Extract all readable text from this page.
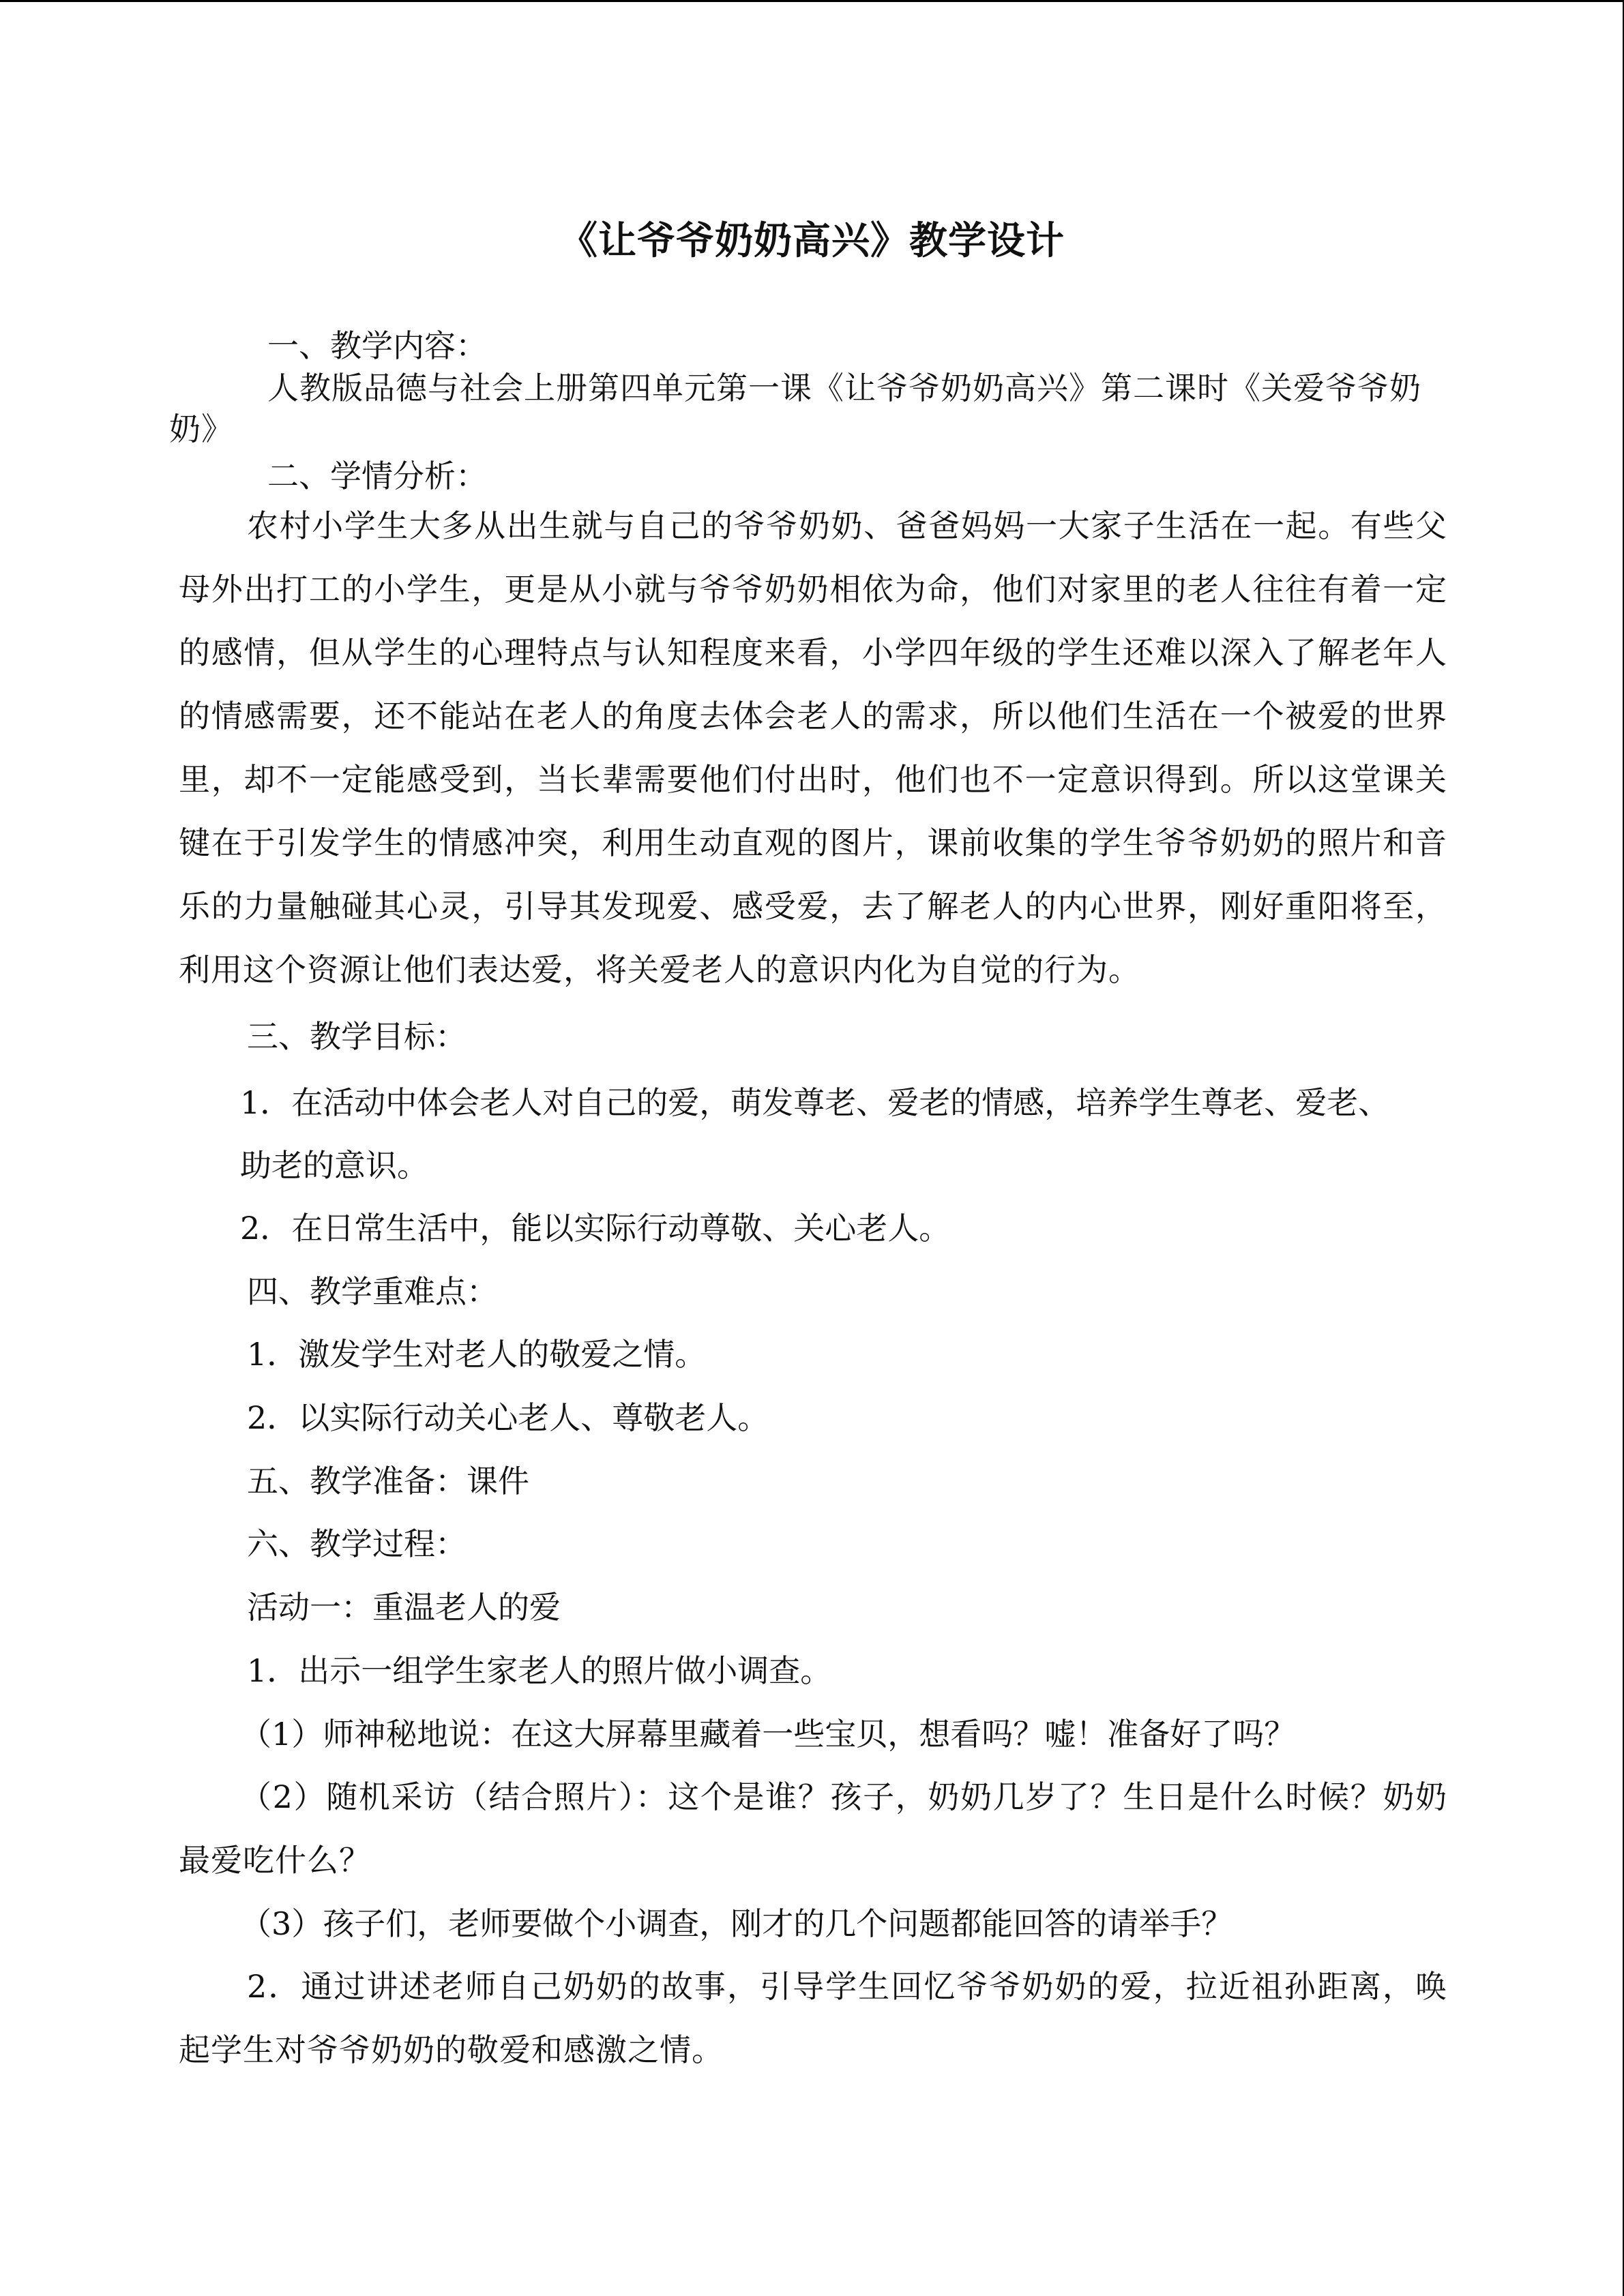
《让爷爷奶奶高兴》教学设计

一、教学内容：

人教版品德与社会上册第四单元第一课《让爷爷奶奶高兴》第二课时《关爱爷爷奶奶》

二、学情分析：

农村小学生大多从出生就与自己的爷爷奶奶、爸爸妈妈一大家子生活在一起。有些父母外出打工的小学生，更是从小就与爷爷奶奶相依为命，他们对家里的老人往往有着一定的感情，但从学生的心理特点与认知程度来看，小学四年级的学生还难以深入了解老年人的情感需要，还不能站在老人的角度去体会老人的需求，所以他们生活在一个被爱的世界里，却不一定能感受到，当长辈需要他们付出时，他们也不一定意识得到。所以这堂课关键在于引发学生的情感冲突，利用生动直观的图片，课前收集的学生爷爷奶奶的照片和音乐的力量触碰其心灵，引导其发现爱、感受爱，去了解老人的内心世界，刚好重阳将至，利用这个资源让他们表达爱，将关爱老人的意识内化为自觉的行为。

三、教学目标：

1．在活动中体会老人对自己的爱，萌发尊老、爱老的情感，培养学生尊老、爱老、

助老的意识。

2．在日常生活中，能以实际行动尊敬、关心老人。

四、教学重难点：

1．激发学生对老人的敬爱之情。

2．以实际行动关心老人、尊敬老人。

五、教学准备：课件

六、教学过程：

活动一：重温老人的爱

1．出示一组学生家老人的照片做小调查。

（1）师神秘地说：在这大屏幕里藏着一些宝贝，想看吗？嘘！准备好了吗？

（2）随机采访（结合照片）：这个是谁？孩子，奶奶几岁了？生日是什么时候？奶奶最爱吃什么？

（3）孩子们，老师要做个小调查，刚才的几个问题都能回答的请举手？

2．通过讲述老师自己奶奶的故事，引导学生回忆爷爷奶奶的爱，拉近祖孙距离，唤起学生对爷爷奶奶的敬爱和感激之情。
